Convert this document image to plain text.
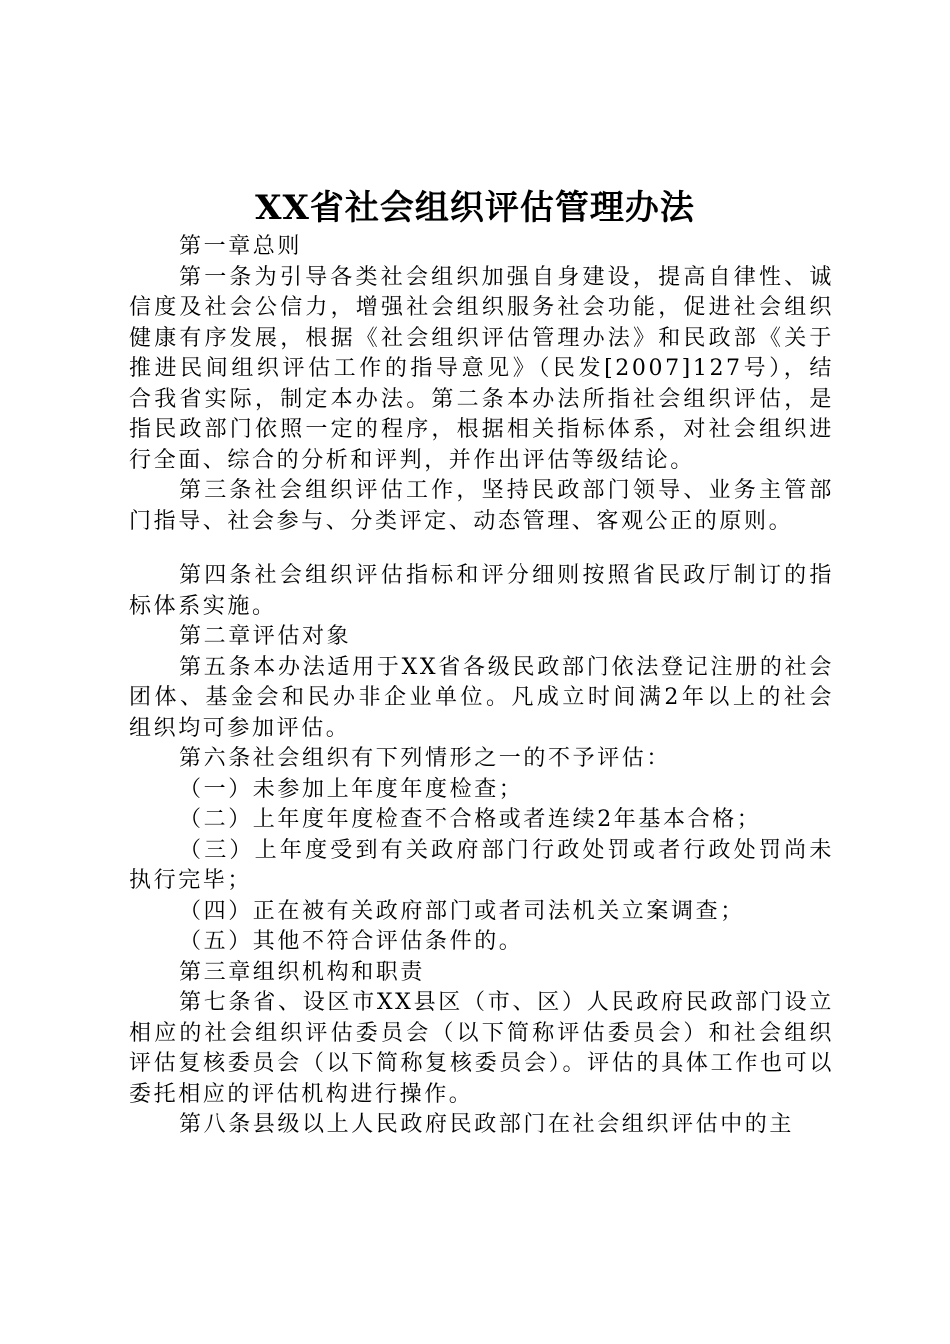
XX省社会组织评估管理办法

第一章总则

第一条为引导各类社会组织加强自身建设，提高自律性、诚信度及社会公信力，增强社会组织服务社会功能，促进社会组织健康有序发展，根据《社会组织评估管理办法》和民政部《关于推进民间组织评估工作的指导意见》（民发[2007]127号），结合我省实际，制定本办法。第二条本办法所指社会组织评估，是指民政部门依照一定的程序，根据相关指标体系，对社会组织进行全面、综合的分析和评判，并作出评估等级结论。

第三条社会组织评估工作，坚持民政部门领导、业务主管部门指导、社会参与、分类评定、动态管理、客观公正的原则。

第四条社会组织评估指标和评分细则按照省民政厅制订的指标体系实施。

第二章评估对象

第五条本办法适用于XX省各级民政部门依法登记注册的社会团体、基金会和民办非企业单位。凡成立时间满2年以上的社会组织均可参加评估。

第六条社会组织有下列情形之一的不予评估：

（一）未参加上年度年度检查；

（二）上年度年度检查不合格或者连续2年基本合格；

（三）上年度受到有关政府部门行政处罚或者行政处罚尚未执行完毕；

（四）正在被有关政府部门或者司法机关立案调查；

（五）其他不符合评估条件的。

第三章组织机构和职责

第七条省、设区市XX县区（市、区）人民政府民政部门设立相应的社会组织评估委员会（以下简称评估委员会）和社会组织评估复核委员会（以下简称复核委员会）。评估的具体工作也可以委托相应的评估机构进行操作。

第八条县级以上人民政府民政部门在社会组织评估中的主
